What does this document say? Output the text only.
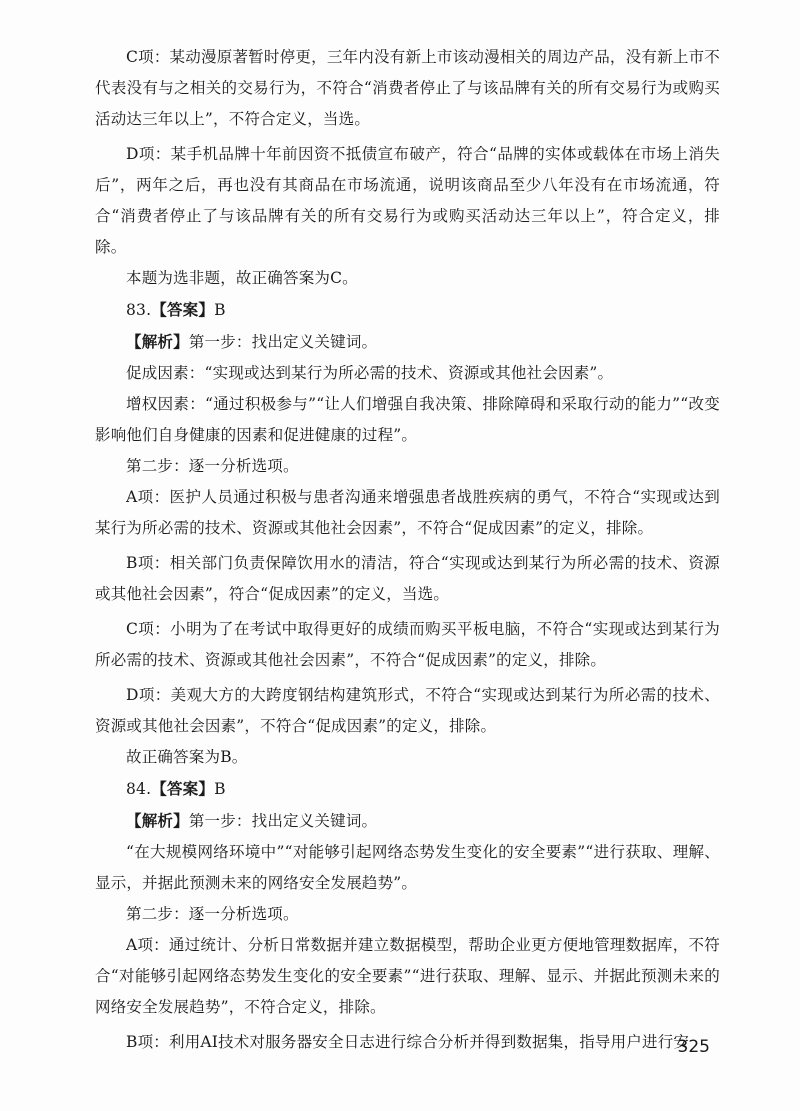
C项：某动漫原著暂时停更，三年内没有新上市该动漫相关的周边产品，没有新上市不代表没有与之相关的交易行为，不符合“消费者停止了与该品牌有关的所有交易行为或购买活动达三年以上”，不符合定义，当选。

D项：某手机品牌十年前因资不抵债宣布破产，符合“品牌的实体或载体在市场上消失后”，两年之后，再也没有其商品在市场流通，说明该商品至少八年没有在市场流通，符合“消费者停止了与该品牌有关的所有交易行为或购买活动达三年以上”，符合定义，排除。

本题为选非题，故正确答案为C。

83.【答案】B

【解析】第一步：找出定义关键词。

促成因素：“实现或达到某行为所必需的技术、资源或其他社会因素”。

增权因素：“通过积极参与”“让人们增强自我决策、排除障碍和采取行动的能力”“改变影响他们自身健康的因素和促进健康的过程”。

第二步：逐一分析选项。

A项：医护人员通过积极与患者沟通来增强患者战胜疾病的勇气，不符合“实现或达到某行为所必需的技术、资源或其他社会因素”，不符合“促成因素”的定义，排除。

B项：相关部门负责保障饮用水的清洁，符合“实现或达到某行为所必需的技术、资源或其他社会因素”，符合“促成因素”的定义，当选。

C项：小明为了在考试中取得更好的成绩而购买平板电脑，不符合“实现或达到某行为所必需的技术、资源或其他社会因素”，不符合“促成因素”的定义，排除。

D项：美观大方的大跨度钢结构建筑形式，不符合“实现或达到某行为所必需的技术、资源或其他社会因素”，不符合“促成因素”的定义，排除。

故正确答案为B。

84.【答案】B

【解析】第一步：找出定义关键词。

“在大规模网络环境中”“对能够引起网络态势发生变化的安全要素”“进行获取、理解、显示，并据此预测未来的网络安全发展趋势”。

第二步：逐一分析选项。

A项：通过统计、分析日常数据并建立数据模型，帮助企业更方便地管理数据库，不符合“对能够引起网络态势发生变化的安全要素”“进行获取、理解、显示、并据此预测未来的网络安全发展趋势”，不符合定义，排除。

B项：利用AI技术对服务器安全日志进行综合分析并得到数据集，指导用户进行安

325
